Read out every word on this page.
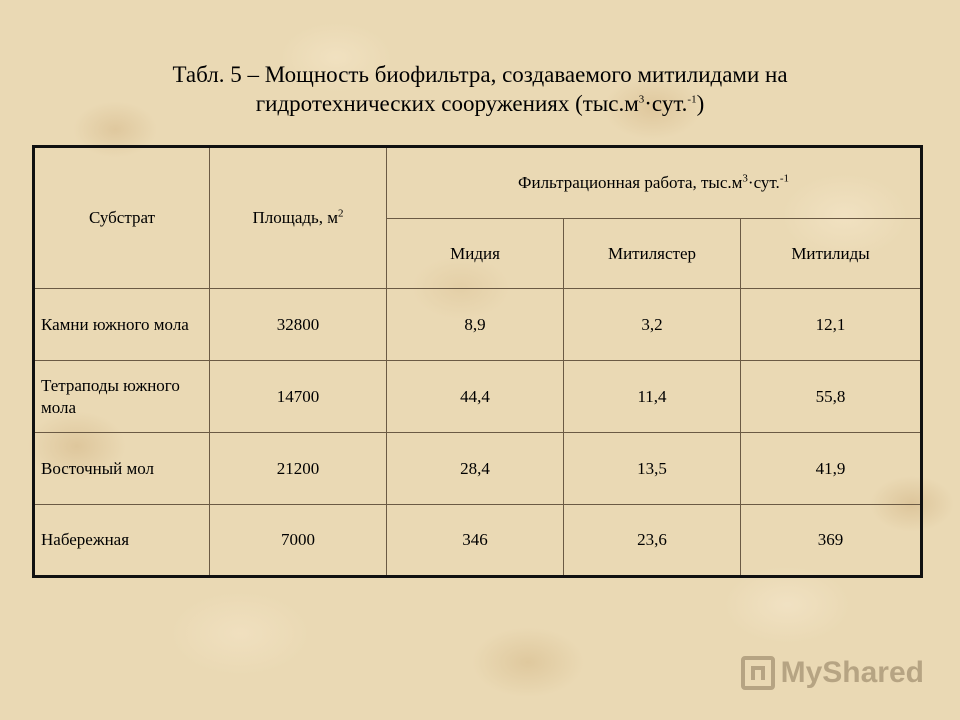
Табл. 5 – Мощность биофильтра, создаваемого митилидами на
гидротехнических сооружениях $(тыс.м^3\cdot сут.^{-1})$
Субстрат	Площадь, $м^2$	Фильтрационная работа, $тыс.м^3\cdot сут.^{-1}$
		Мидия	Митилястер	Митилиды
Камни южного мола	32800	8,9	3,2	12,1
Тетраподы южного мола	14700	44,4	11,4	55,8
Восточный мол	21200	28,4	13,5	41,9
Набережная	7000	346	23,6	369
MyShared
